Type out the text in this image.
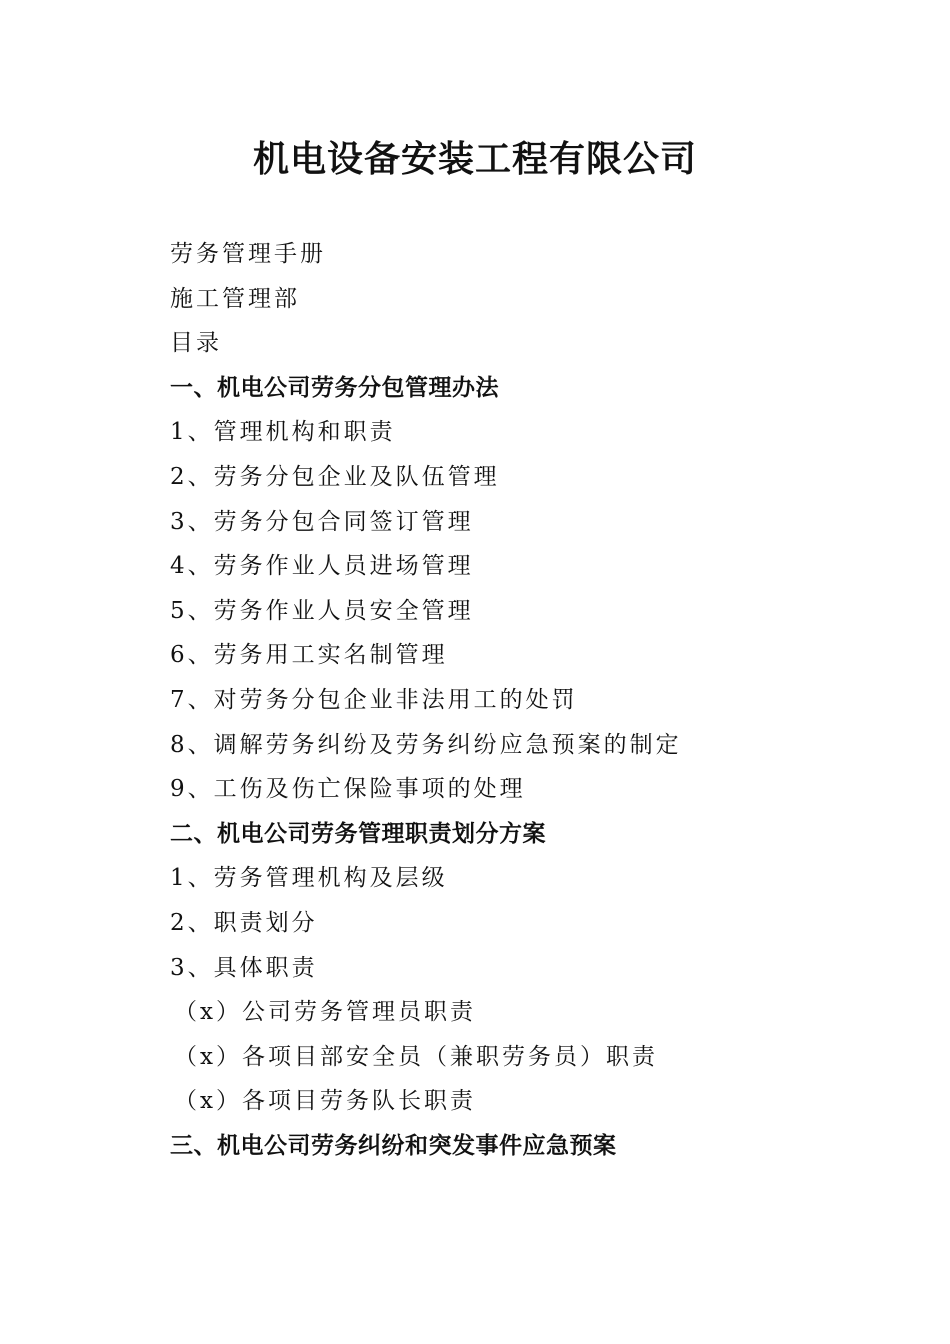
机电设备安装工程有限公司
劳务管理手册
施工管理部
目录
一、机电公司劳务分包管理办法
1、管理机构和职责
2、劳务分包企业及队伍管理
3、劳务分包合同签订管理
4、劳务作业人员进场管理
5、劳务作业人员安全管理
6、劳务用工实名制管理
7、对劳务分包企业非法用工的处罚
8、调解劳务纠纷及劳务纠纷应急预案的制定
9、工伤及伤亡保险事项的处理
二、机电公司劳务管理职责划分方案
1、劳务管理机构及层级
2、职责划分
3、具体职责
（x）公司劳务管理员职责
（x）各项目部安全员（兼职劳务员）职责
（x）各项目劳务队长职责
三、机电公司劳务纠纷和突发事件应急预案
